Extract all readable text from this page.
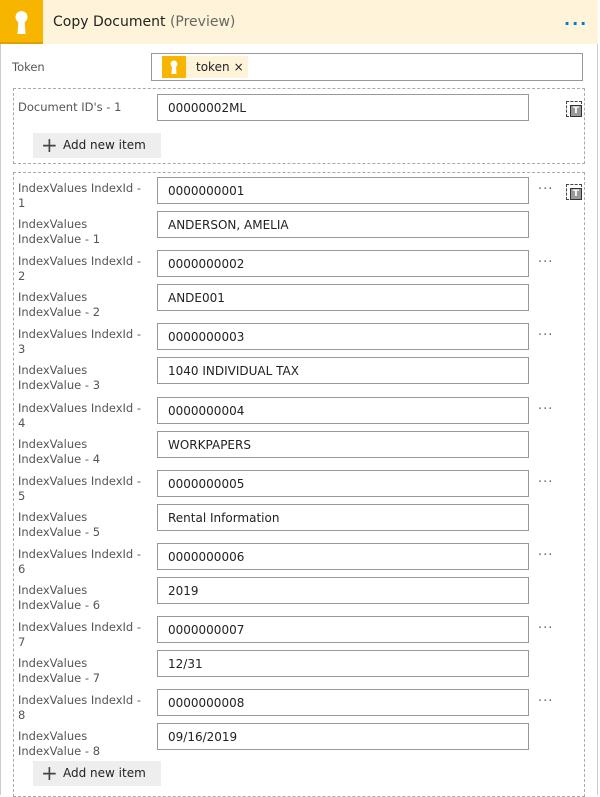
Copy Document (Preview)	···
Token	token ×
Document ID's - 1	00000002ML	T
+ Add new item
IndexValues IndexId - 1
0000000001	···
IndexValues IndexValue - 1
ANDERSON, AMELIA
IndexValues IndexId - 2
0000000002	···
IndexValues IndexValue - 2
ANDE001
IndexValues IndexId - 3
0000000003	···
IndexValues IndexValue - 3
1040 INDIVIDUAL TAX
IndexValues IndexId - 4
0000000004	···
IndexValues IndexValue - 4
WORKPAPERS
IndexValues IndexId - 5
0000000005	···
IndexValues IndexValue - 5
Rental Information
IndexValues IndexId - 6
0000000006	···
IndexValues IndexValue - 6
2019
IndexValues IndexId - 7
0000000007	···
IndexValues IndexValue - 7
12/31
IndexValues IndexId - 8
0000000008	···
IndexValues IndexValue - 8
09/16/2019
T
+ Add new item
